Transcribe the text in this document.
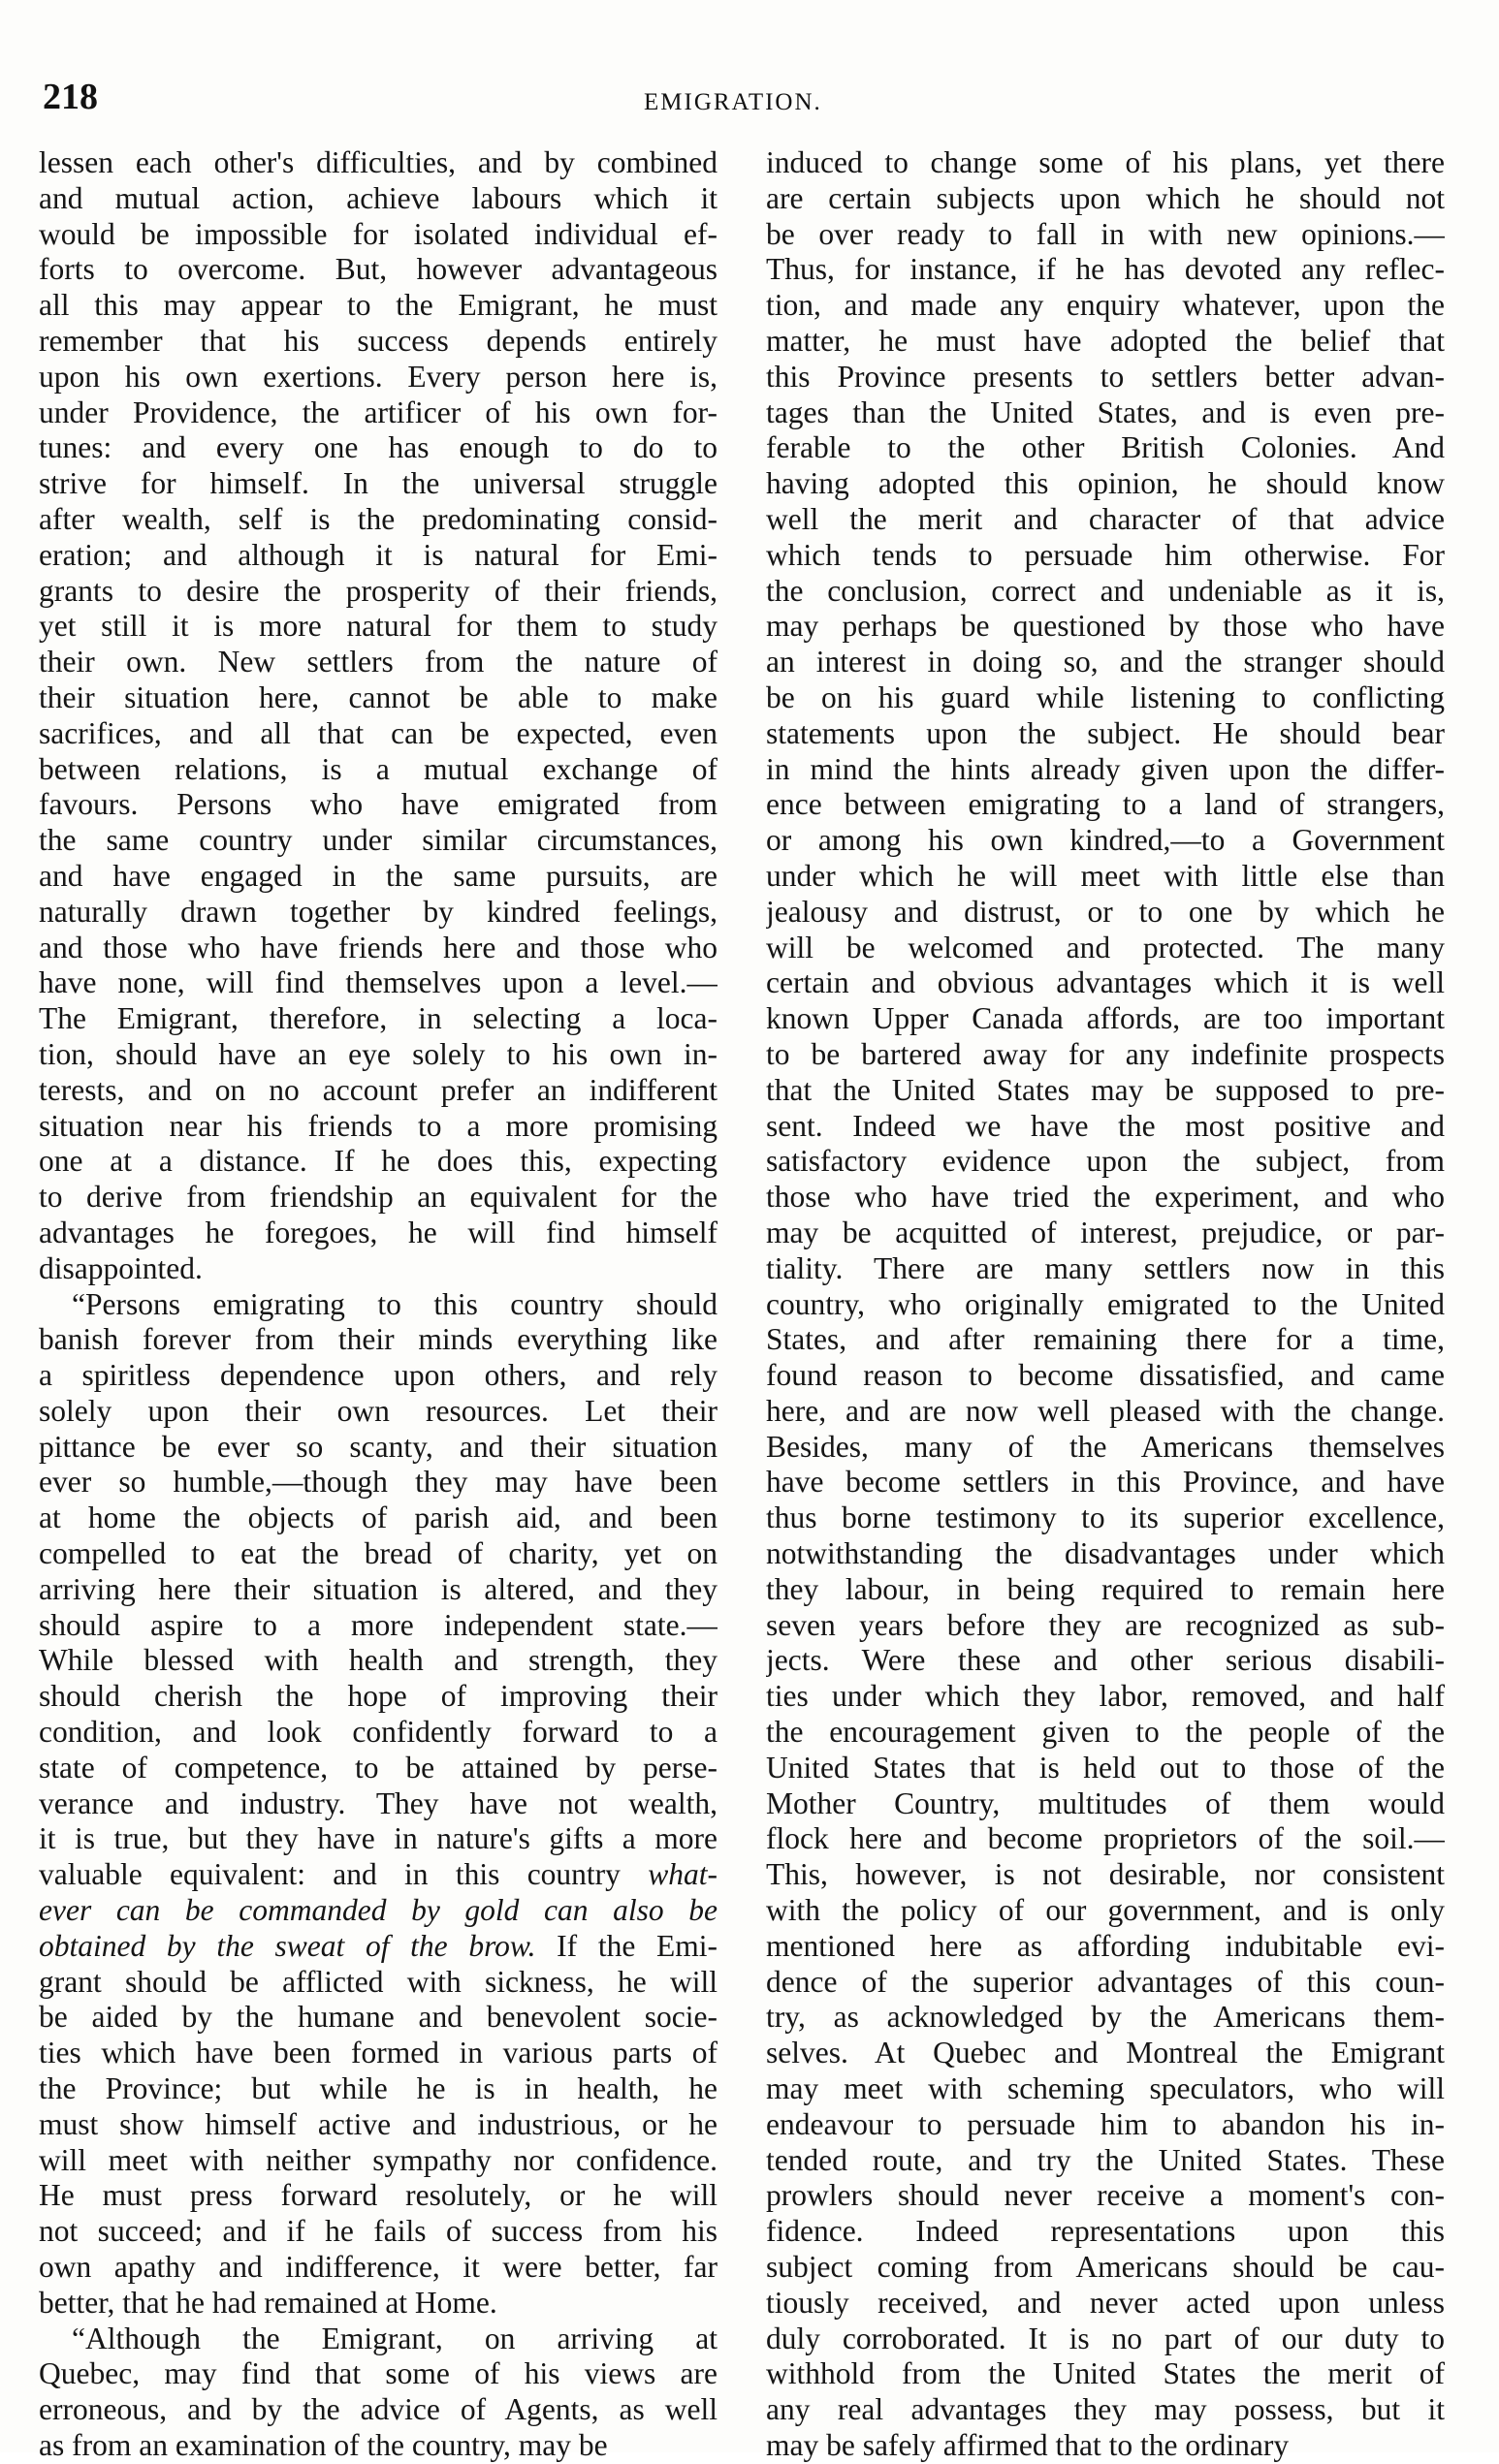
218	EMIGRATION.
lessen each other's difficulties, and by combined
and mutual action, achieve labours which it
would be impossible for isolated individual ef-
forts to overcome. But, however advantageous
all this may appear to the Emigrant, he must
remember that his success depends entirely
upon his own exertions. Every person here is,
under Providence, the artificer of his own for-
tunes: and every one has enough to do to
strive for himself. In the universal struggle
after wealth, self is the predominating consid-
eration; and although it is natural for Emi-
grants to desire the prosperity of their friends,
yet still it is more natural for them to study
their own. New settlers from the nature of
their situation here, cannot be able to make
sacrifices, and all that can be expected, even
between relations, is a mutual exchange of
favours. Persons who have emigrated from
the same country under similar circumstances,
and have engaged in the same pursuits, are
naturally drawn together by kindred feelings,
and those who have friends here and those who
have none, will find themselves upon a level.—
The Emigrant, therefore, in selecting a loca-
tion, should have an eye solely to his own in-
terests, and on no account prefer an indifferent
situation near his friends to a more promising
one at a distance. If he does this, expecting
to derive from friendship an equivalent for the
advantages he foregoes, he will find himself
disappointed.
“Persons emigrating to this country should
banish forever from their minds everything like
a spiritless dependence upon others, and rely
solely upon their own resources. Let their
pittance be ever so scanty, and their situation
ever so humble,—though they may have been
at home the objects of parish aid, and been
compelled to eat the bread of charity, yet on
arriving here their situation is altered, and they
should aspire to a more independent state.—
While blessed with health and strength, they
should cherish the hope of improving their
condition, and look confidently forward to a
state of competence, to be attained by perse-
verance and industry. They have not wealth,
it is true, but they have in nature's gifts a more
valuable equivalent: and in this country what-
ever can be commanded by gold can also be
obtained by the sweat of the brow. If the Emi-
grant should be afflicted with sickness, he will
be aided by the humane and benevolent socie-
ties which have been formed in various parts of
the Province; but while he is in health, he
must show himself active and industrious, or he
will meet with neither sympathy nor confidence.
He must press forward resolutely, or he will
not succeed; and if he fails of success from his
own apathy and indifference, it were better, far
better, that he had remained at Home.
“Although the Emigrant, on arriving at
Quebec, may find that some of his views are
erroneous, and by the advice of Agents, as well
as from an examination of the country, may be
induced to change some of his plans, yet there
are certain subjects upon which he should not
be over ready to fall in with new opinions.—
Thus, for instance, if he has devoted any reflec-
tion, and made any enquiry whatever, upon the
matter, he must have adopted the belief that
this Province presents to settlers better advan-
tages than the United States, and is even pre-
ferable to the other British Colonies. And
having adopted this opinion, he should know
well the merit and character of that advice
which tends to persuade him otherwise. For
the conclusion, correct and undeniable as it is,
may perhaps be questioned by those who have
an interest in doing so, and the stranger should
be on his guard while listening to conflicting
statements upon the subject. He should bear
in mind the hints already given upon the differ-
ence between emigrating to a land of strangers,
or among his own kindred,—to a Government
under which he will meet with little else than
jealousy and distrust, or to one by which he
will be welcomed and protected. The many
certain and obvious advantages which it is well
known Upper Canada affords, are too important
to be bartered away for any indefinite prospects
that the United States may be supposed to pre-
sent. Indeed we have the most positive and
satisfactory evidence upon the subject, from
those who have tried the experiment, and who
may be acquitted of interest, prejudice, or par-
tiality. There are many settlers now in this
country, who originally emigrated to the United
States, and after remaining there for a time,
found reason to become dissatisfied, and came
here, and are now well pleased with the change.
Besides, many of the Americans themselves
have become settlers in this Province, and have
thus borne testimony to its superior excellence,
notwithstanding the disadvantages under which
they labour, in being required to remain here
seven years before they are recognized as sub-
jects. Were these and other serious disabili-
ties under which they labor, removed, and half
the encouragement given to the people of the
United States that is held out to those of the
Mother Country, multitudes of them would
flock here and become proprietors of the soil.—
This, however, is not desirable, nor consistent
with the policy of our government, and is only
mentioned here as affording indubitable evi-
dence of the superior advantages of this coun-
try, as acknowledged by the Americans them-
selves. At Quebec and Montreal the Emigrant
may meet with scheming speculators, who will
endeavour to persuade him to abandon his in-
tended route, and try the United States. These
prowlers should never receive a moment's con-
fidence. Indeed representations upon this
subject coming from Americans should be cau-
tiously received, and never acted upon unless
duly corroborated. It is no part of our duty to
withhold from the United States the merit of
any real advantages they may possess, but it
may be safely affirmed that to the ordinary
